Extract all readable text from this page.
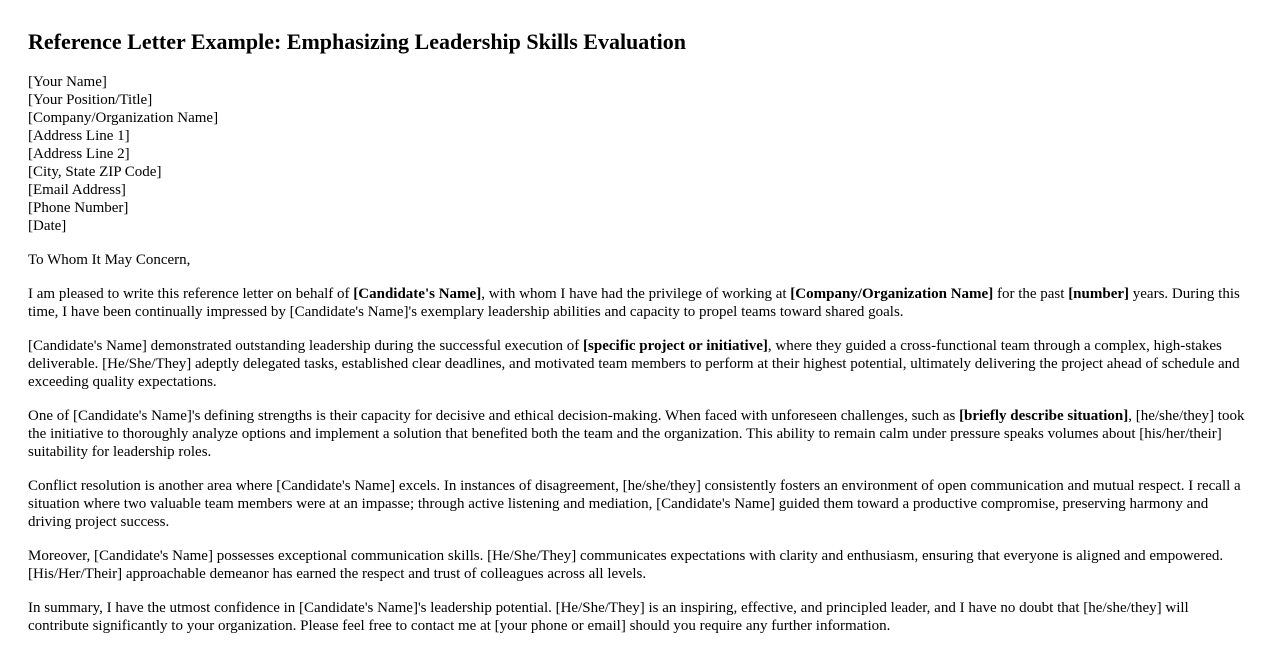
Reference Letter Example: Emphasizing Leadership Skills Evaluation
[Your Name]
[Your Position/Title]
[Company/Organization Name]
[Address Line 1]
[Address Line 2]
[City, State ZIP Code]
[Email Address]
[Phone Number]
[Date]

To Whom It May Concern,

I am pleased to write this reference letter on behalf of [Candidate's Name], with whom I have had the privilege of working at [Company/Organization Name] for the past [number] years. During this time, I have been continually impressed by [Candidate's Name]'s exemplary leadership abilities and capacity to propel teams toward shared goals.

[Candidate's Name] demonstrated outstanding leadership during the successful execution of [specific project or initiative], where they guided a cross-functional team through a complex, high-stakes deliverable. [He/She/They] adeptly delegated tasks, established clear deadlines, and motivated team members to perform at their highest potential, ultimately delivering the project ahead of schedule and exceeding quality expectations.

One of [Candidate's Name]'s defining strengths is their capacity for decisive and ethical decision-making. When faced with unforeseen challenges, such as [briefly describe situation], [he/she/they] took the initiative to thoroughly analyze options and implement a solution that benefited both the team and the organization. This ability to remain calm under pressure speaks volumes about [his/her/their] suitability for leadership roles.

Conflict resolution is another area where [Candidate's Name] excels. In instances of disagreement, [he/she/they] consistently fosters an environment of open communication and mutual respect. I recall a situation where two valuable team members were at an impasse; through active listening and mediation, [Candidate's Name] guided them toward a productive compromise, preserving harmony and driving project success.

Moreover, [Candidate's Name] possesses exceptional communication skills. [He/She/They] communicates expectations with clarity and enthusiasm, ensuring that everyone is aligned and empowered. [His/Her/Their] approachable demeanor has earned the respect and trust of colleagues across all levels.

In summary, I have the utmost confidence in [Candidate's Name]'s leadership potential. [He/She/They] is an inspiring, effective, and principled leader, and I have no doubt that [he/she/they] will contribute significantly to your organization. Please feel free to contact me at [your phone or email] should you require any further information.
